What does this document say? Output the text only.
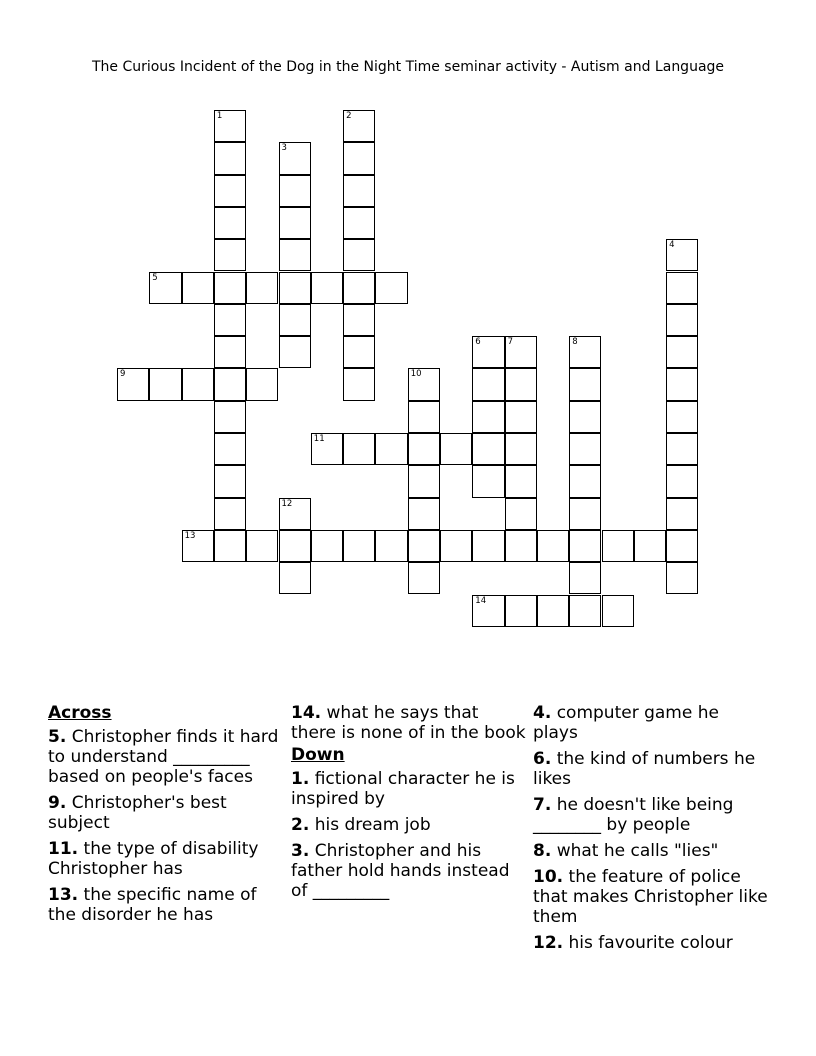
The Curious Incident of the Dog in the Night Time seminar activity - Autism and Language
1	2
3
4
5
6	7	8
9	10
11
12
13
14
Across
5. Christopher finds it hard to understand _________ based on people's faces
9. Christopher's best subject
11. the type of disability Christopher has
13. the specific name of the disorder he has
14. what he says that there is none of in the book
Down
1. fictional character he is inspired by
2. his dream job
3. Christopher and his father hold hands instead of _________
4. computer game he plays
6. the kind of numbers he likes
7. he doesn't like being ________ by people
8. what he calls "lies"
10. the feature of police that makes Christopher like them
12. his favourite colour
